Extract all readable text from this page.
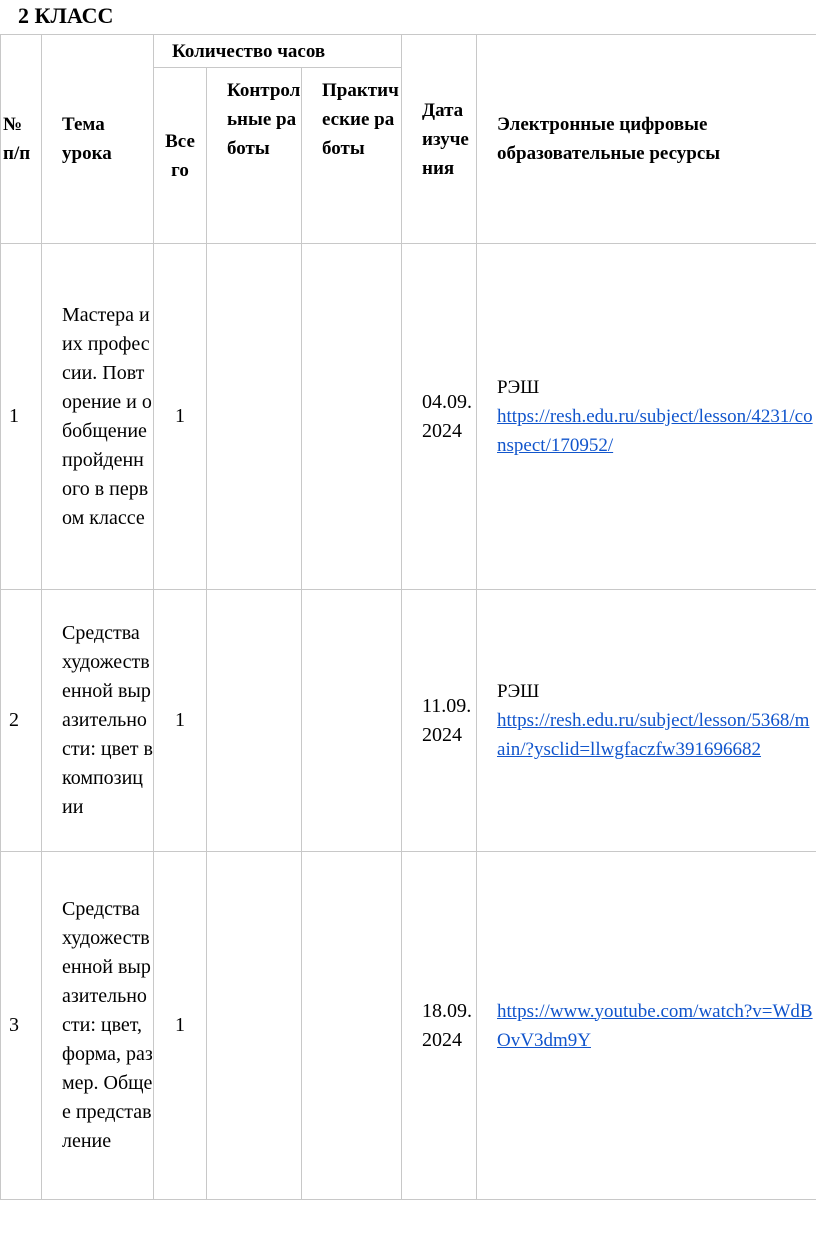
2 КЛАСС
№ п/п	Тема урока	Количество часов			Дата изучения	Электронные цифровые образовательные ресурсы
		Всего	Контрольные работы	Практические работы		
1	Мастера и их профессии. Повторение и обобщение пройденного в первом классе	1			04.09.2024	РЭШ
https://resh.edu.ru/subject/lesson/4231/conspect/170952/

2	Средства художественной выразительности: цвет в композиции	1			11.09.2024	РЭШ
https://resh.edu.ru/subject/lesson/5368/main/?ysclid=llwgfaczfw391696682

3	Средства художественной выразительности: цвет, форма, размер. Общее представление	1			18.09.2024	https://www.youtube.com/watch?v=WdBOvV3dm9Y
